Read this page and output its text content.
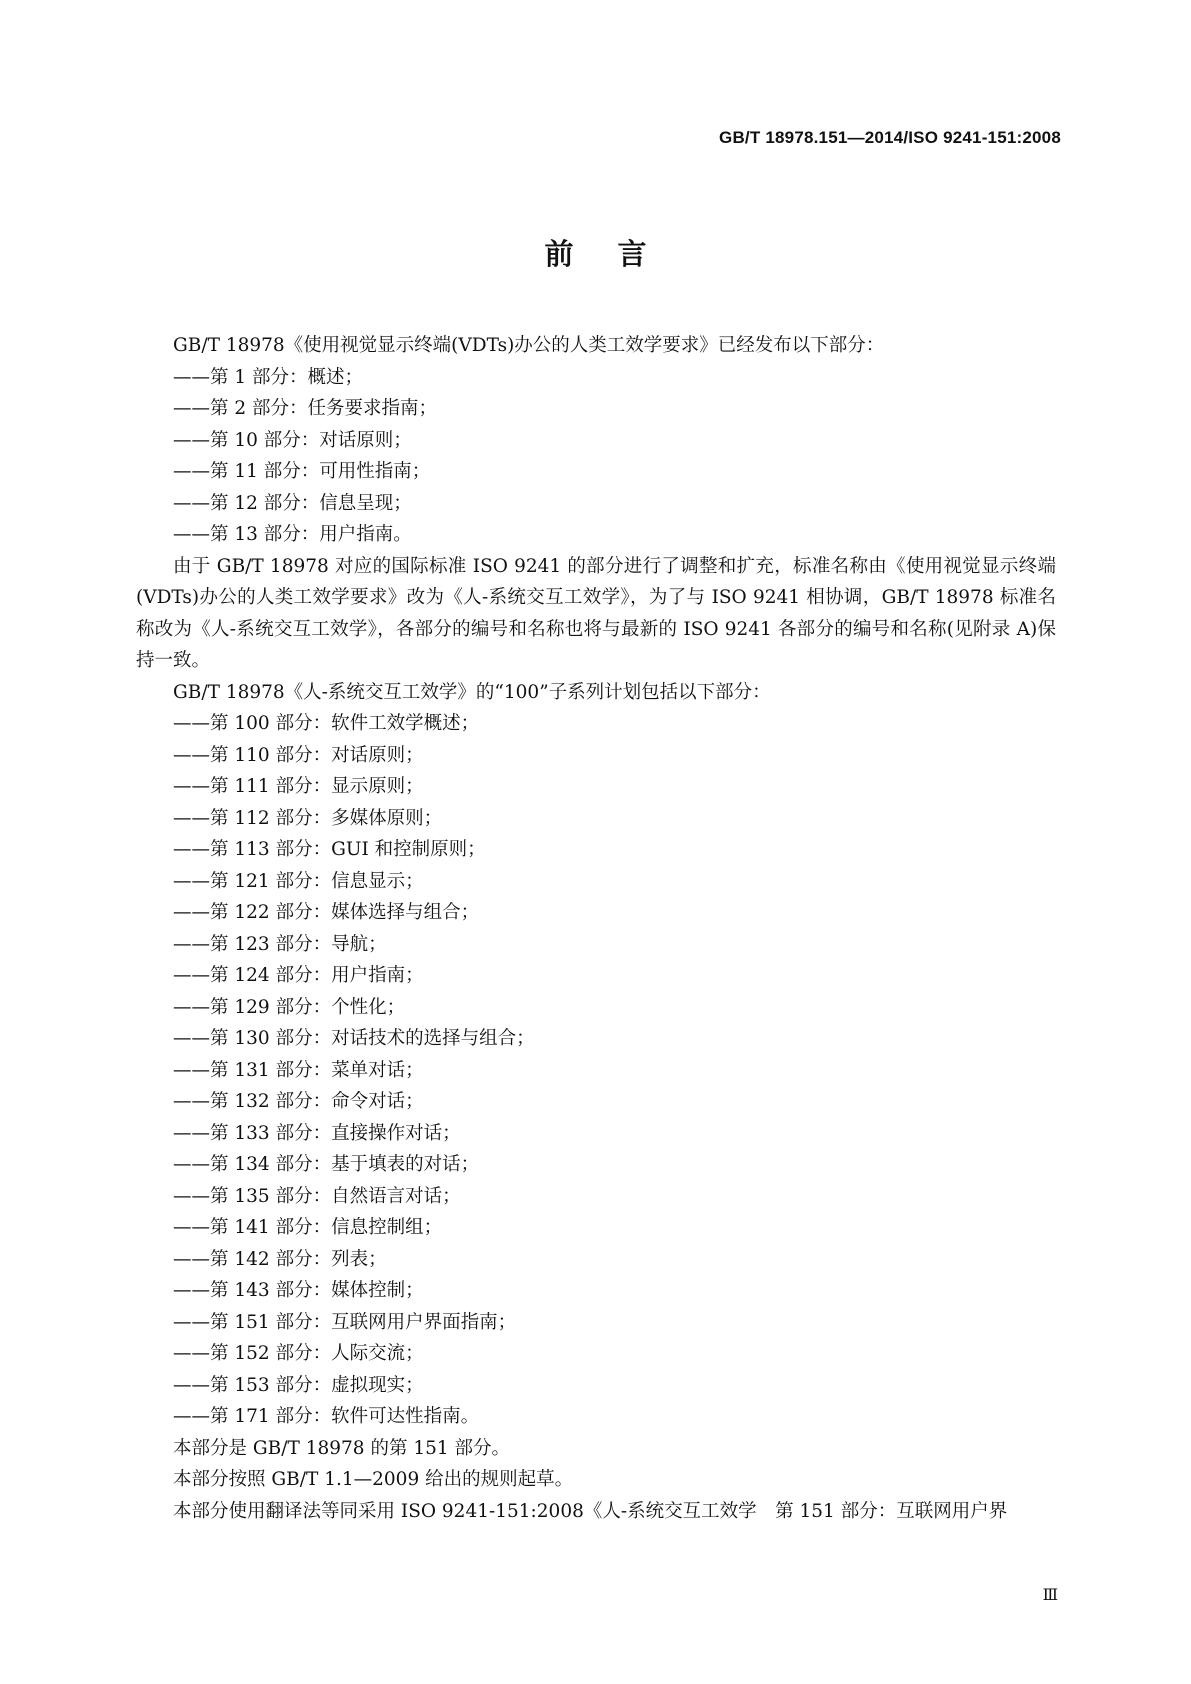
GB/T 18978.151—2014/ISO 9241-151:2008
前言

GB/T 18978《使用视觉显示终端(VDTs)办公的人类工效学要求》已经发布以下部分：

——第 1 部分：概述；
——第 2 部分：任务要求指南；
——第 10 部分：对话原则；
——第 11 部分：可用性指南；
——第 12 部分：信息呈现；
——第 13 部分：用户指南。

由于 GB/T 18978 对应的国际标准 ISO 9241 的部分进行了调整和扩充，标准名称由《使用视觉显示终端(VDTs)办公的人类工效学要求》改为《人-系统交互工效学》，为了与 ISO 9241 相协调，GB/T 18978 标准名称改为《人-系统交互工效学》，各部分的编号和名称也将与最新的 ISO 9241 各部分的编号和名称(见附录 A)保持一致。

GB/T 18978《人-系统交互工效学》的“100”子系列计划包括以下部分：

——第 100 部分：软件工效学概述；
——第 110 部分：对话原则；
——第 111 部分：显示原则；
——第 112 部分：多媒体原则；
——第 113 部分：GUI 和控制原则；
——第 121 部分：信息显示；
——第 122 部分：媒体选择与组合；
——第 123 部分：导航；
——第 124 部分：用户指南；
——第 129 部分：个性化；
——第 130 部分：对话技术的选择与组合；
——第 131 部分：菜单对话；
——第 132 部分：命令对话；
——第 133 部分：直接操作对话；
——第 134 部分：基于填表的对话；
——第 135 部分：自然语言对话；
——第 141 部分：信息控制组；
——第 142 部分：列表；
——第 143 部分：媒体控制；
——第 151 部分：互联网用户界面指南；
——第 152 部分：人际交流；
——第 153 部分：虚拟现实；
——第 171 部分：软件可达性指南。

本部分是 GB/T 18978 的第 151 部分。

本部分按照 GB/T 1.1—2009 给出的规则起草。

本部分使用翻译法等同采用 ISO 9241-151:2008《人-系统交互工效学　第 151 部分：互联网用户界

Ⅲ
